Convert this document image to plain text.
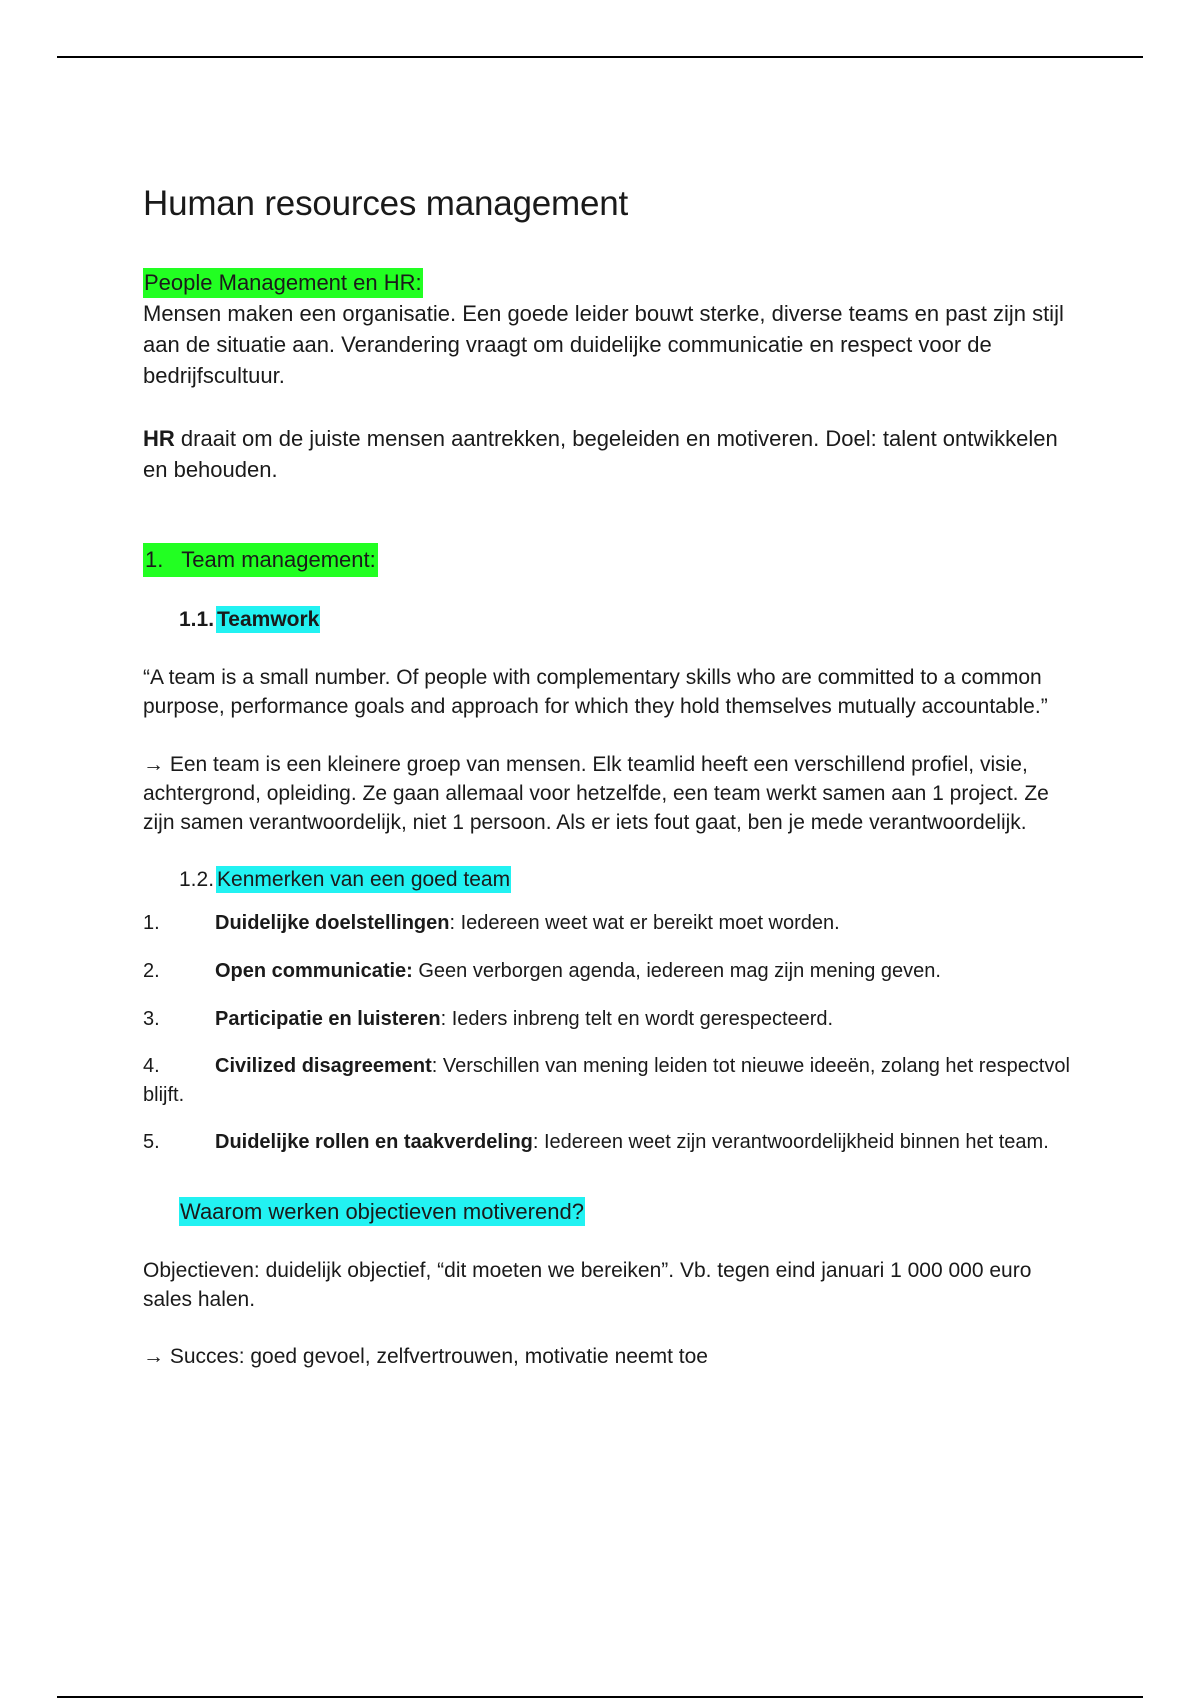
Human resources management
People Management en HR:

Mensen maken een organisatie. Een goede leider bouwt sterke, diverse teams en past zijn stijl aan de situatie aan. Verandering vraagt om duidelijke communicatie en respect voor de bedrijfscultuur.

HR draait om de juiste mensen aantrekken, begeleiden en motiveren. Doel: talent ontwikkelen en behouden.

1.   Team management:
1.1. Teamwork

“A team is a small number. Of people with complementary skills who are committed to a common purpose, performance goals and approach for which they hold themselves mutually accountable.”

→ Een team is een kleinere groep van mensen. Elk teamlid heeft een verschillend profiel, visie, achtergrond, opleiding. Ze gaan allemaal voor hetzelfde, een team werkt samen aan 1 project. Ze zijn samen verantwoordelijk, niet 1 persoon. Als er iets fout gaat, ben je mede verantwoordelijk.

1.2. Kenmerken van een goed team

1.	Duidelijke doelstellingen: Iedereen weet wat er bereikt moet worden.

2.	Open communicatie: Geen verborgen agenda, iedereen mag zijn mening geven.

3.	Participatie en luisteren: Ieders inbreng telt en wordt gerespecteerd.

4.	Civilized disagreement: Verschillen van mening leiden tot nieuwe ideeën, zolang het respectvol blijft.

5.	Duidelijke rollen en taakverdeling: Iedereen weet zijn verantwoordelijkheid binnen het team.

Waarom werken objectieven motiverend?

Objectieven: duidelijk objectief, “dit moeten we bereiken”. Vb. tegen eind januari 1 000 000 euro sales halen.

→ Succes: goed gevoel, zelfvertrouwen, motivatie neemt toe
